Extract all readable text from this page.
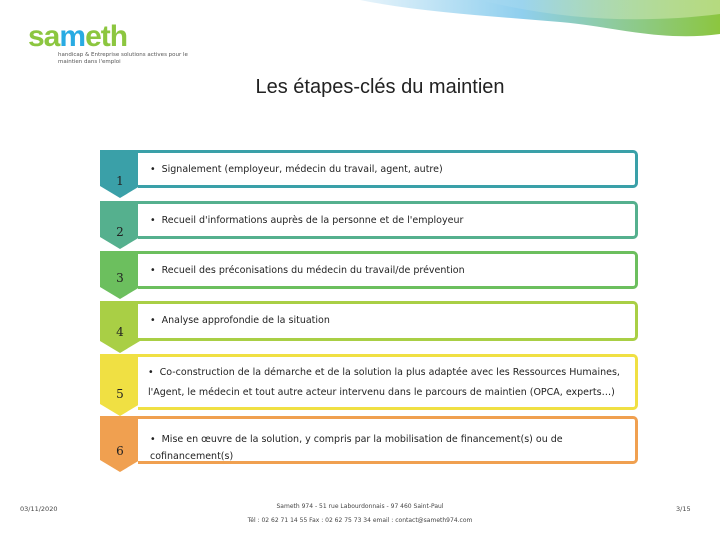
sameth
handicap & Entreprise solutions actives pour le maintien dans l'emploi
Les étapes-clés du maintien
1
• Signalement (employeur, médecin du travail, agent, autre)
2
• Recueil d'informations auprès de la personne et de l'employeur
3
• Recueil des préconisations du médecin du travail/de prévention
4
• Analyse approfondie de la situation
5
• Co-construction de la démarche et de la solution la plus adaptée avec les Ressources Humaines, l'Agent, le médecin et tout autre acteur intervenu dans le parcours de maintien (OPCA, experts…)
6
• Mise en œuvre de la solution, y compris par la mobilisation de financement(s) ou de cofinancement(s)
03/11/2020	Sameth 974 - 51 rue Labourdonnais - 97 460 Saint-Paul
Tél : 02 62 71 14 55 Fax : 02 62 75 73 34 email : contact@sameth974.com
3/15
